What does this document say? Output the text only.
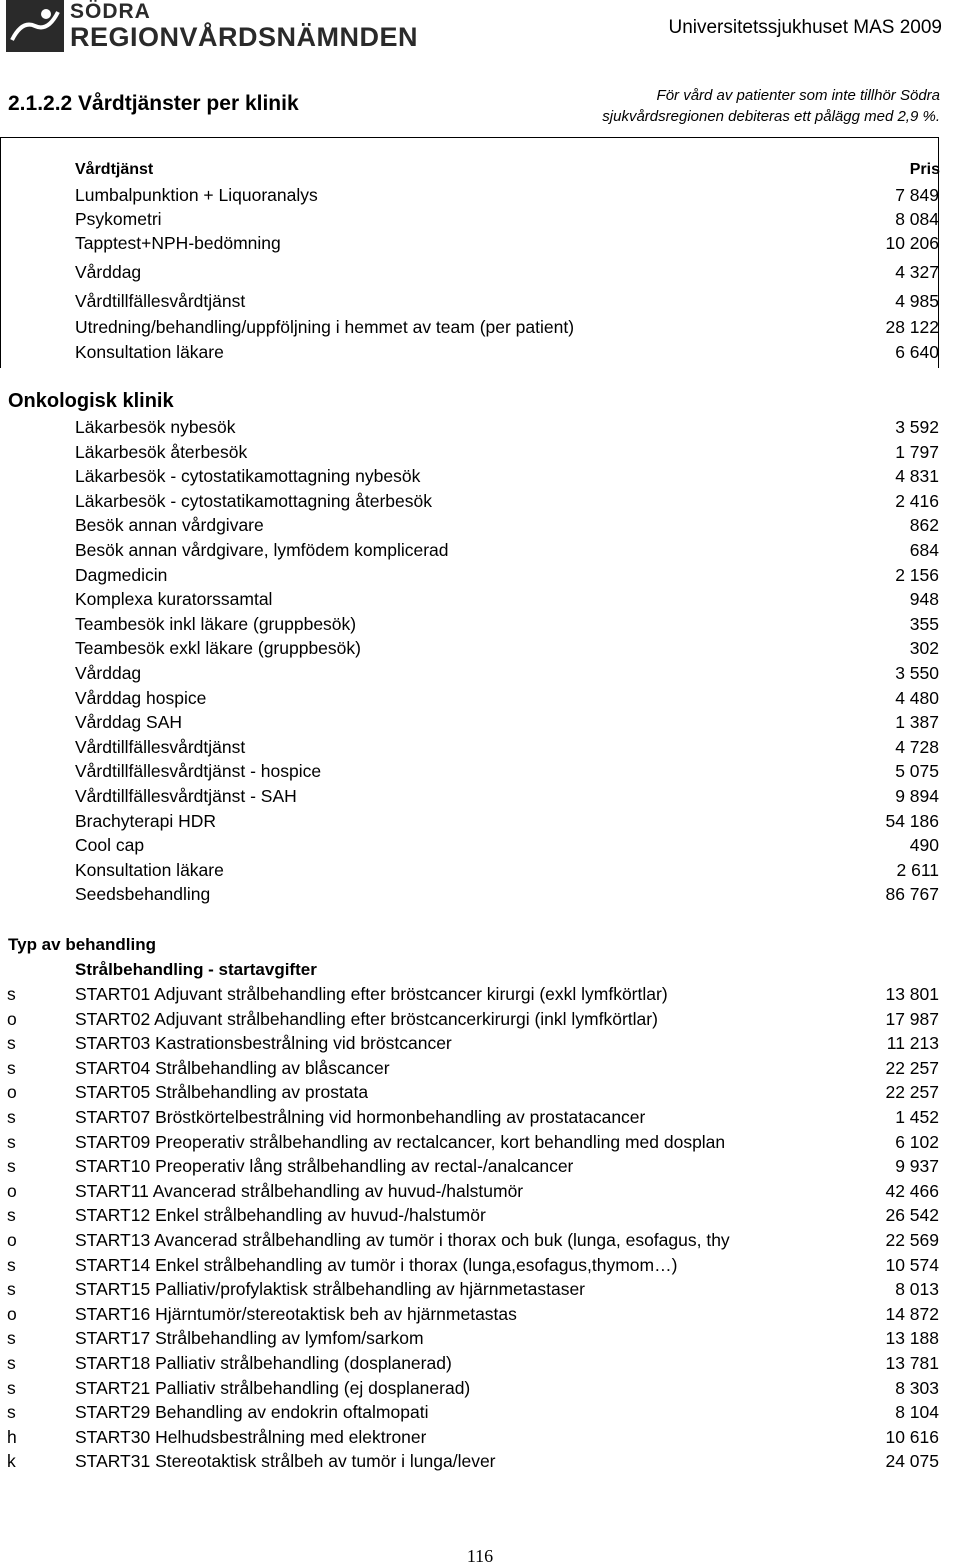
SÖDRA
REGIONVÅRDSNÄMNDEN	Universitetssjukhuset MAS 2009
2.1.2.2 Vårdtjänster per klinik	För vård av patienter som inte tillhör Södra
sjukvårdsregionen debiteras ett pålägg med 2,9 %.
Vårdtjänst	Pris
Lumbalpunktion + Liquoranalys	7 849
Psykometri	8 084
Tapptest+NPH-bedömning	10 206
Vårddag	4 327
Vårdtillfällesvårdtjänst	4 985
Utredning/behandling/uppföljning i hemmet av team (per patient)	28 122
Konsultation läkare	6 640
Onkologisk klinik
Läkarbesök nybesök	3 592
Läkarbesök återbesök	1 797
Läkarbesök - cytostatikamottagning nybesök	4 831
Läkarbesök - cytostatikamottagning återbesök	2 416
Besök annan vårdgivare	862
Besök annan vårdgivare, lymfödem komplicerad	684
Dagmedicin	2 156
Komplexa kuratorssamtal	948
Teambesök inkl läkare (gruppbesök)	355
Teambesök exkl läkare (gruppbesök)	302
Vårddag	3 550
Vårddag hospice	4 480
Vårddag SAH	1 387
Vårdtillfällesvårdtjänst	4 728
Vårdtillfällesvårdtjänst - hospice	5 075
Vårdtillfällesvårdtjänst - SAH	9 894
Brachyterapi HDR	54 186
Cool cap	490
Konsultation läkare	2 611
Seedsbehandling	86 767
Typ av behandling
Strålbehandling - startavgifter
s	START01 Adjuvant strålbehandling efter bröstcancer kirurgi (exkl lymfkörtlar)	13 801
o	START02 Adjuvant strålbehandling efter bröstcancerkirurgi (inkl lymfkörtlar)	17 987
s	START03 Kastrationsbestrålning vid bröstcancer	11 213
s	START04 Strålbehandling av blåscancer	22 257
o	START05 Strålbehandling av prostata	22 257
s	START07 Bröstkörtelbestrålning vid hormonbehandling av prostatacancer	1 452
s	START09 Preoperativ strålbehandling av rectalcancer, kort behandling med dosplan	6 102
s	START10 Preoperativ lång strålbehandling av rectal-/analcancer	9 937
o	START11 Avancerad strålbehandling av huvud-/halstumör	42 466
s	START12 Enkel strålbehandling av huvud-/halstumör	26 542
o	START13 Avancerad strålbehandling av tumör i thorax och buk (lunga, esofagus, thy	22 569
s	START14 Enkel strålbehandling av tumör i thorax (lunga,esofagus,thymom…)	10 574
s	START15 Palliativ/profylaktisk strålbehandling av hjärnmetastaser	8 013
o	START16 Hjärntumör/stereotaktisk beh av hjärnmetastas	14 872
s	START17 Strålbehandling av lymfom/sarkom	13 188
s	START18 Palliativ strålbehandling (dosplanerad)	13 781
s	START21 Palliativ strålbehandling (ej dosplanerad)	8 303
s	START29 Behandling av endokrin oftalmopati	8 104
h	START30 Helhudsbestrålning med elektroner	10 616
k	START31 Stereotaktisk strålbeh av tumör i lunga/lever	24 075
116
